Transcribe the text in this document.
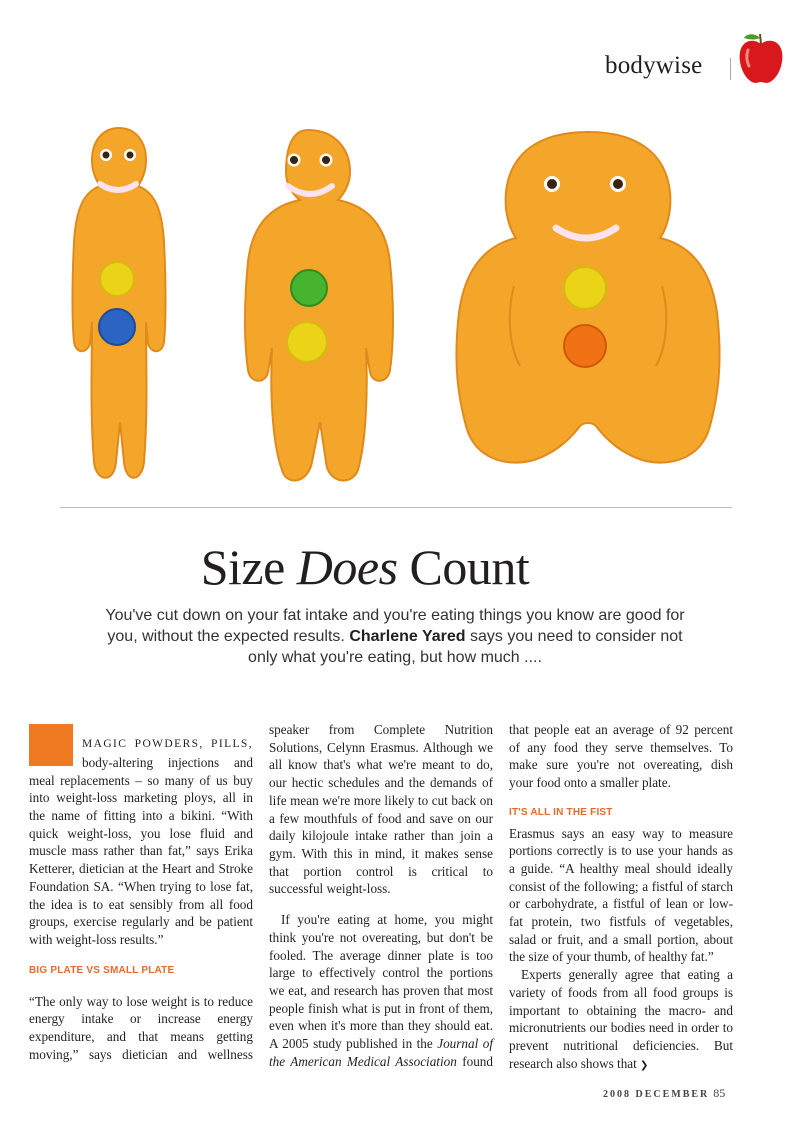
bodywise
Size Does Count
You've cut down on your fat intake and you're eating things you know are good for you, without the expected results. Charlene Yared says you need to consider not only what you're eating, but how much ....

MAGIC POWDERS, PILLS, body-altering injections and meal replacements – so many of us buy into weight-loss marketing ploys, all in the name of fitting into a bikini. “With quick weight-loss, you lose fluid and muscle mass rather than fat,” says Erika Ketterer, dietician at the Heart and Stroke Foundation SA. “When trying to lose fat, the idea is to eat sensibly from all food groups, exercise regularly and be patient with weight-loss results.”

BIG PLATE VS SMALL PLATE

“The only way to lose weight is to reduce energy intake or increase energy expenditure, and that means getting moving,” says dietician and wellness speaker from Complete Nutrition Solutions, Celynn Erasmus. Although we all know that's what we're meant to do, our hectic schedules and the demands of life mean we're more likely to cut back on a few mouthfuls of food and save on our daily kilojoule intake rather than join a gym. With this in mind, it makes sense that portion control is critical to successful weight-loss.

If you're eating at home, you might think you're not overeating, but don't be fooled. The average dinner plate is too large to effectively control the portions we eat, and research has proven that most people finish what is put in front of them, even when it's more than they should eat. A 2005 study published in the Journal of the American Medical Association found that people eat an average of 92 percent of any food they serve themselves. To make sure you're not overeating, dish your food onto a smaller plate.

IT'S ALL IN THE FIST

Erasmus says an easy way to measure portions correctly is to use your hands as a guide. “A healthy meal should ideally consist of the following; a fistful of starch or carbohydrate, a fistful of lean or low-fat protein, two fistfuls of vegetables, salad or fruit, and a small portion, about the size of your thumb, of healthy fat.”

Experts generally agree that eating a variety of foods from all food groups is important to obtaining the macro- and micronutrients our bodies need in order to prevent nutritional deficiencies. But research also shows that ❯

2008 DECEMBER 85
